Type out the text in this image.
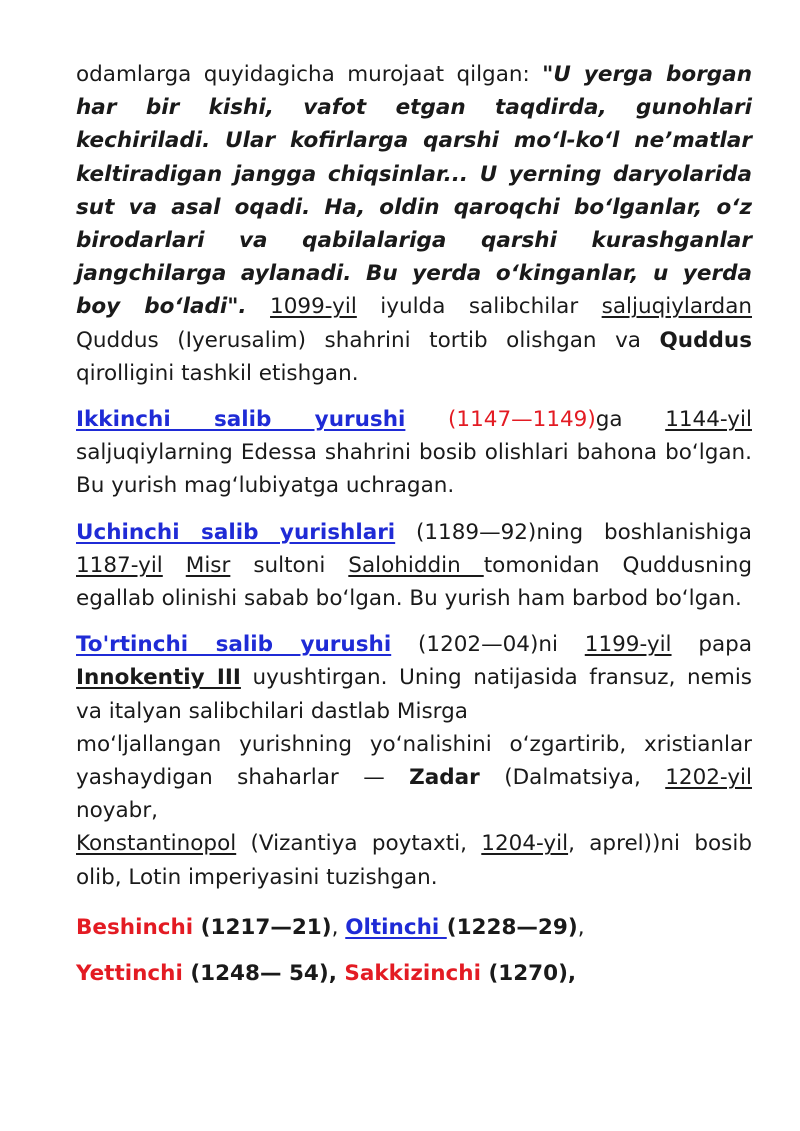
odamlarga quyidagicha murojaat qilgan: "U yerga borgan har bir kishi, vafot etgan taqdirda, gunohlari kechiriladi. Ular kofirlarga qarshi mo‘l-ko‘l ne’matlar keltiradigan jangga chiqsinlar... U yerning daryolarida sut va asal oqadi. Ha, oldin qaroqchi bo‘lganlar, o‘z birodarlari va qabilalariga qarshi kurashganlar jangchilarga aylanadi. Bu yerda o‘kinganlar, u yerda boy bo‘ladi". 1099-yil iyulda salibchilar saljuqiylardan Quddus (Iyerusalim) shahrini tortib olishgan va Quddus qirolligini tashkil etishgan.

Ikkinchi salib yurushi (1147—1149)ga 1144-yil saljuqiylarning Edessa shahrini bosib olishlari bahona bo‘lgan. Bu yurish mag‘lubiyatga uchragan.

Uchinchi salib yurishlari (1189—92)ning boshlanishiga 1187-yil Misr sultoni Salohiddin tomonidan Quddusning egallab olinishi sabab bo‘lgan. Bu yurish ham barbod bo‘lgan.

To'rtinchi salib yurushi (1202—04)ni 1199-yil papa Innokentiy III uyushtirgan. Uning natijasida fransuz, nemis va italyan salibchilari dastlab Misrga

mo‘ljallangan yurishning yo‘nalishini o‘zgartirib, xristianlar yashaydigan shaharlar — Zadar (Dalmatsiya, 1202-yil noyabr,

Konstantinopol (Vizantiya poytaxti, 1204-yil, aprel))ni bosib olib, Lotin imperiyasini tuzishgan.

Beshinchi (1217—21), Oltinchi (1228—29),

Yettinchi (1248— 54), Sakkizinchi (1270),
